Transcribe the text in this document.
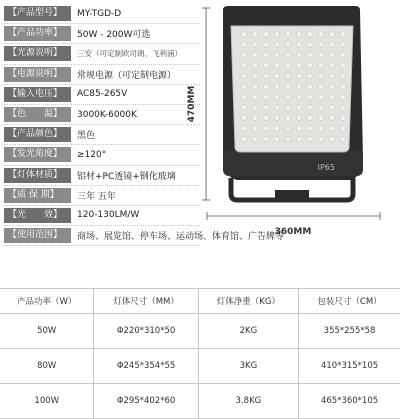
【产品型号】	MY-TGD-D
【产品功率】	50W - 200W可选
【光源说明】	三安（可定制欧司朗、飞利浦）
【电源说明】	常规电源（可定制电源）
【输入电压】	AC85-265V
【色　　温】	3000K-6000K
【产品颜色】	黑色
【发光角度】	≥120°
【灯体材质】	铝材+PC透镜+钢化玻璃
【质 保 期】	三年 五年
【光　　效】	120-130LM/W
【使用范围】	商场、展览馆、停车场、运动场、体育馆、广告牌等
470MM
IP65
360MM
产品功率（W）	灯体尺寸（MM）	灯体净重（KG）	包装尺寸（CM）
50W	Φ220*310*50	2KG	355*255*58
80W	Φ245*354*55	3KG	410*315*105
100W	Φ295*402*60	3.8KG	465*360*105
